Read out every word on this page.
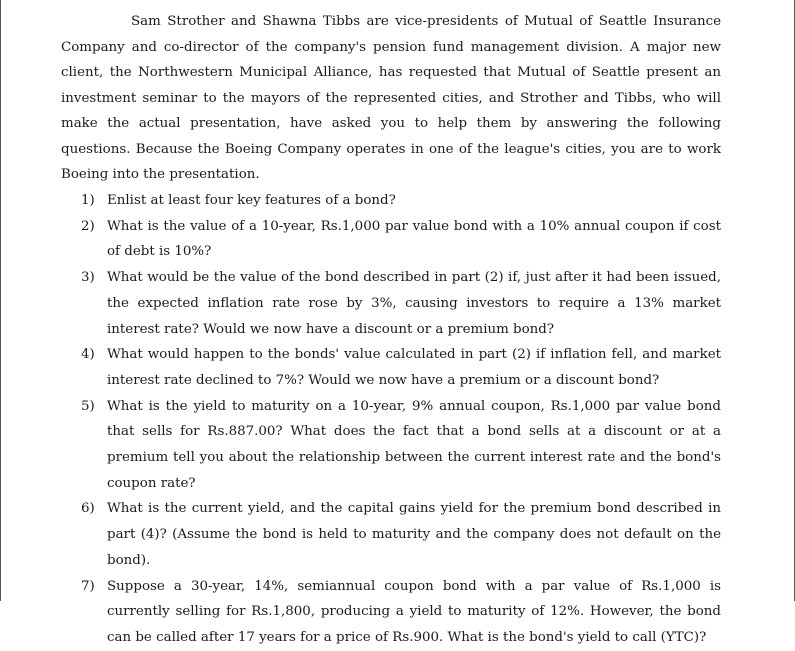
Sam Strother and Shawna Tibbs are vice-presidents of Mutual of Seattle Insurance Company and co-director of the company's pension fund management division. A major new client, the Northwestern Municipal Alliance, has requested that Mutual of Seattle present an investment seminar to the mayors of the represented cities, and Strother and Tibbs, who will make the actual presentation, have asked you to help them by answering the following questions. Because the Boeing Company operates in one of the league's cities, you are to work Boeing into the presentation.

1) Enlist at least four key features of a bond?
2) What is the value of a 10-year, Rs.1,000 par value bond with a 10% annual coupon if cost of debt is 10%?
3) What would be the value of the bond described in part (2) if, just after it had been issued, the expected inflation rate rose by 3%, causing investors to require a 13% market interest rate? Would we now have a discount or a premium bond?
4) What would happen to the bonds' value calculated in part (2) if inflation fell, and market interest rate declined to 7%? Would we now have a premium or a discount bond?
5) What is the yield to maturity on a 10-year, 9% annual coupon, Rs.1,000 par value bond that sells for Rs.887.00? What does the fact that a bond sells at a discount or at a premium tell you about the relationship between the current interest rate and the bond's coupon rate?
6) What is the current yield, and the capital gains yield for the premium bond described in part (4)? (Assume the bond is held to maturity and the company does not default on the bond).
7) Suppose a 30-year, 14%, semiannual coupon bond with a par value of Rs.1,000 is currently selling for Rs.1,800, producing a yield to maturity of 12%. However, the bond can be called after 17 years for a price of Rs.900. What is the bond's yield to call (YTC)?
